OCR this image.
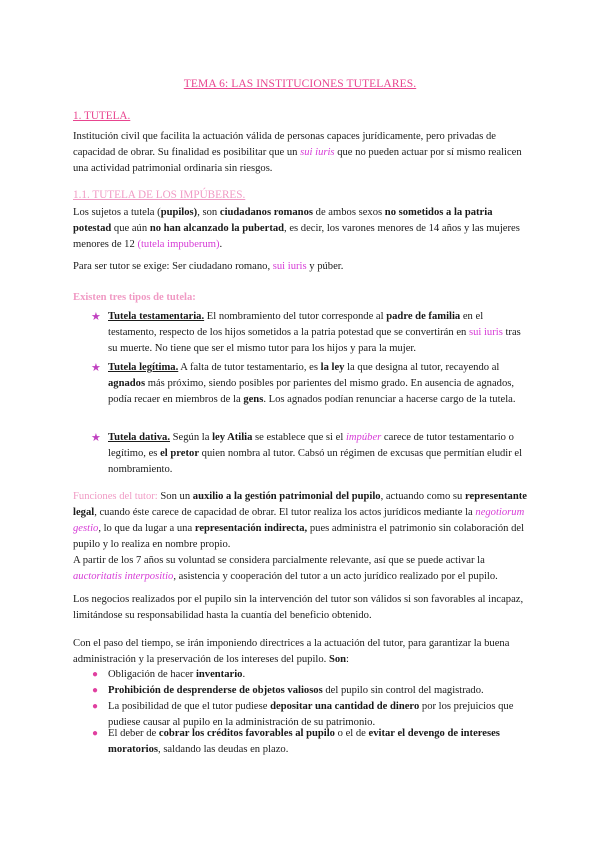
TEMA 6: LAS INSTITUCIONES TUTELARES.
1. TUTELA.
Institución civil que facilita la actuación válida de personas capaces jurídicamente, pero privadas de capacidad de obrar. Su finalidad es posibilitar que un sui iuris que no pueden actuar por sí mismo realicen una actividad patrimonial ordinaria sin riesgos.
1.1. TUTELA DE LOS IMPÚBERES.
Los sujetos a tutela (pupilos), son ciudadanos romanos de ambos sexos no sometidos a la patria potestad que aún no han alcanzado la pubertad, es decir, los varones menores de 14 años y las mujeres menores de 12 (tutela impuberum).
Para ser tutor se exige: Ser ciudadano romano, sui iuris y púber.
Existen tres tipos de tutela:
★ Tutela testamentaria. El nombramiento del tutor corresponde al padre de familia en el testamento, respecto de los hijos sometidos a la patria potestad que se convertirán en sui iuris tras su muerte. No tiene que ser el mismo tutor para los hijos y para la mujer.
★ Tutela legítima. A falta de tutor testamentario, es la ley la que designa al tutor, recayendo al agnados más próximo, siendo posibles por parientes del mismo grado. En ausencia de agnados, podía recaer en miembros de la gens. Los agnados podían renunciar a hacerse cargo de la tutela.
★ Tutela dativa. Según la ley Atilia se establece que si el impúber carece de tutor testamentario o legítimo, es el pretor quien nombra al tutor. Cabsó un régimen de excusas que permitían eludir el nombramiento.
Funciones del tutor: Son un auxilio a la gestión patrimonial del pupilo, actuando como su representante legal, cuando éste carece de capacidad de obrar. El tutor realiza los actos jurídicos mediante la negotiorum gestio, lo que da lugar a una representación indirecta, pues administra el patrimonio sin colaboración del pupilo y lo realiza en nombre propio.
A partir de los 7 años su voluntad se considera parcialmente relevante, así que se puede activar la auctoritatis interpositio, asistencia y cooperación del tutor a un acto jurídico realizado por el pupilo.
Los negocios realizados por el pupilo sin la intervención del tutor son válidos si son favorables al incapaz, limitándose su responsabilidad hasta la cuantía del beneficio obtenido.
Con el paso del tiempo, se irán imponiendo directrices a la actuación del tutor, para garantizar la buena administración y la preservación de los intereses del pupilo. Son:
● Obligación de hacer inventario.
● Prohibición de desprenderse de objetos valiosos del pupilo sin control del magistrado.
● La posibilidad de que el tutor pudiese depositar una cantidad de dinero por los prejuicios que pudiese causar al pupilo en la administración de su patrimonio.
● El deber de cobrar los créditos favorables al pupilo o el de evitar el devengo de intereses moratorios, saldando las deudas en plazo.
